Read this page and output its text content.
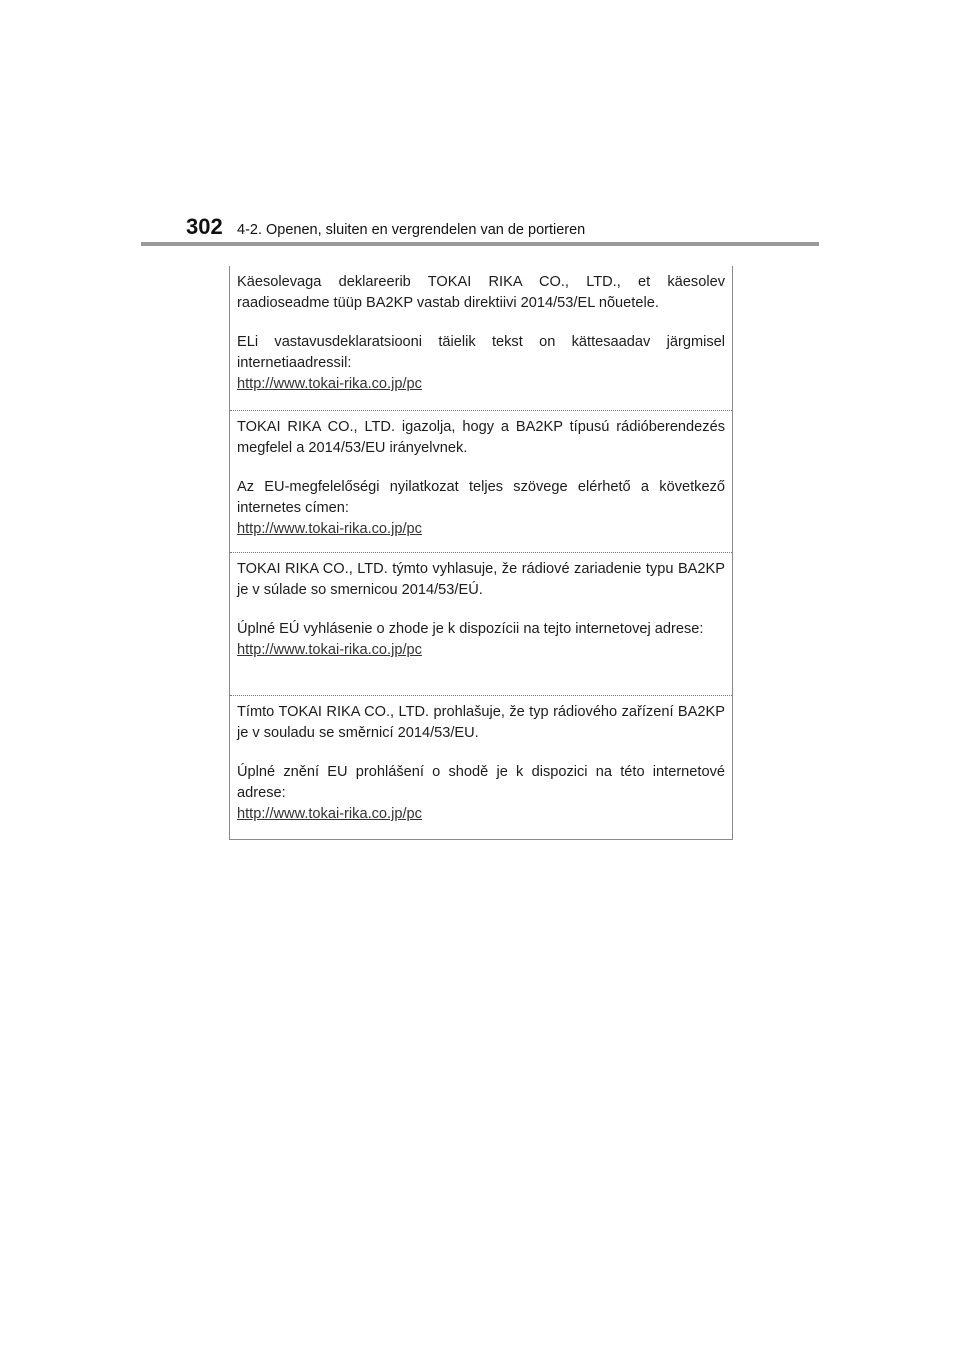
302 4-2. Openen, sluiten en vergrendelen van de portieren

Käesolevaga deklareerib TOKAI RIKA CO., LTD., et käesolev raadioseadme tüüp BA2KP vastab direktiivi 2014/53/EL nõuetele.

ELi vastavusdeklaratsiooni täielik tekst on kättesaadav järgmisel internetiaadressil:

http://www.tokai-rika.co.jp/pc

TOKAI RIKA CO., LTD. igazolja, hogy a BA2KP típusú rádióberendezés megfelel a 2014/53/EU irányelvnek.

Az EU-megfelelőségi nyilatkozat teljes szövege elérhető a következő internetes címen:

http://www.tokai-rika.co.jp/pc

TOKAI RIKA CO., LTD. týmto vyhlasuje, že rádiové zariadenie typu BA2KP je v súlade so smernicou 2014/53/EÚ.

Úplné EÚ vyhlásenie o zhode je k dispozícii na tejto internetovej adrese:

http://www.tokai-rika.co.jp/pc

Tímto TOKAI RIKA CO., LTD. prohlašuje, že typ rádiového zařízení BA2KP je v souladu se směrnicí 2014/53/EU.

Úplné znění EU prohlášení o shodě je k dispozici na této internetové adrese:

http://www.tokai-rika.co.jp/pc
